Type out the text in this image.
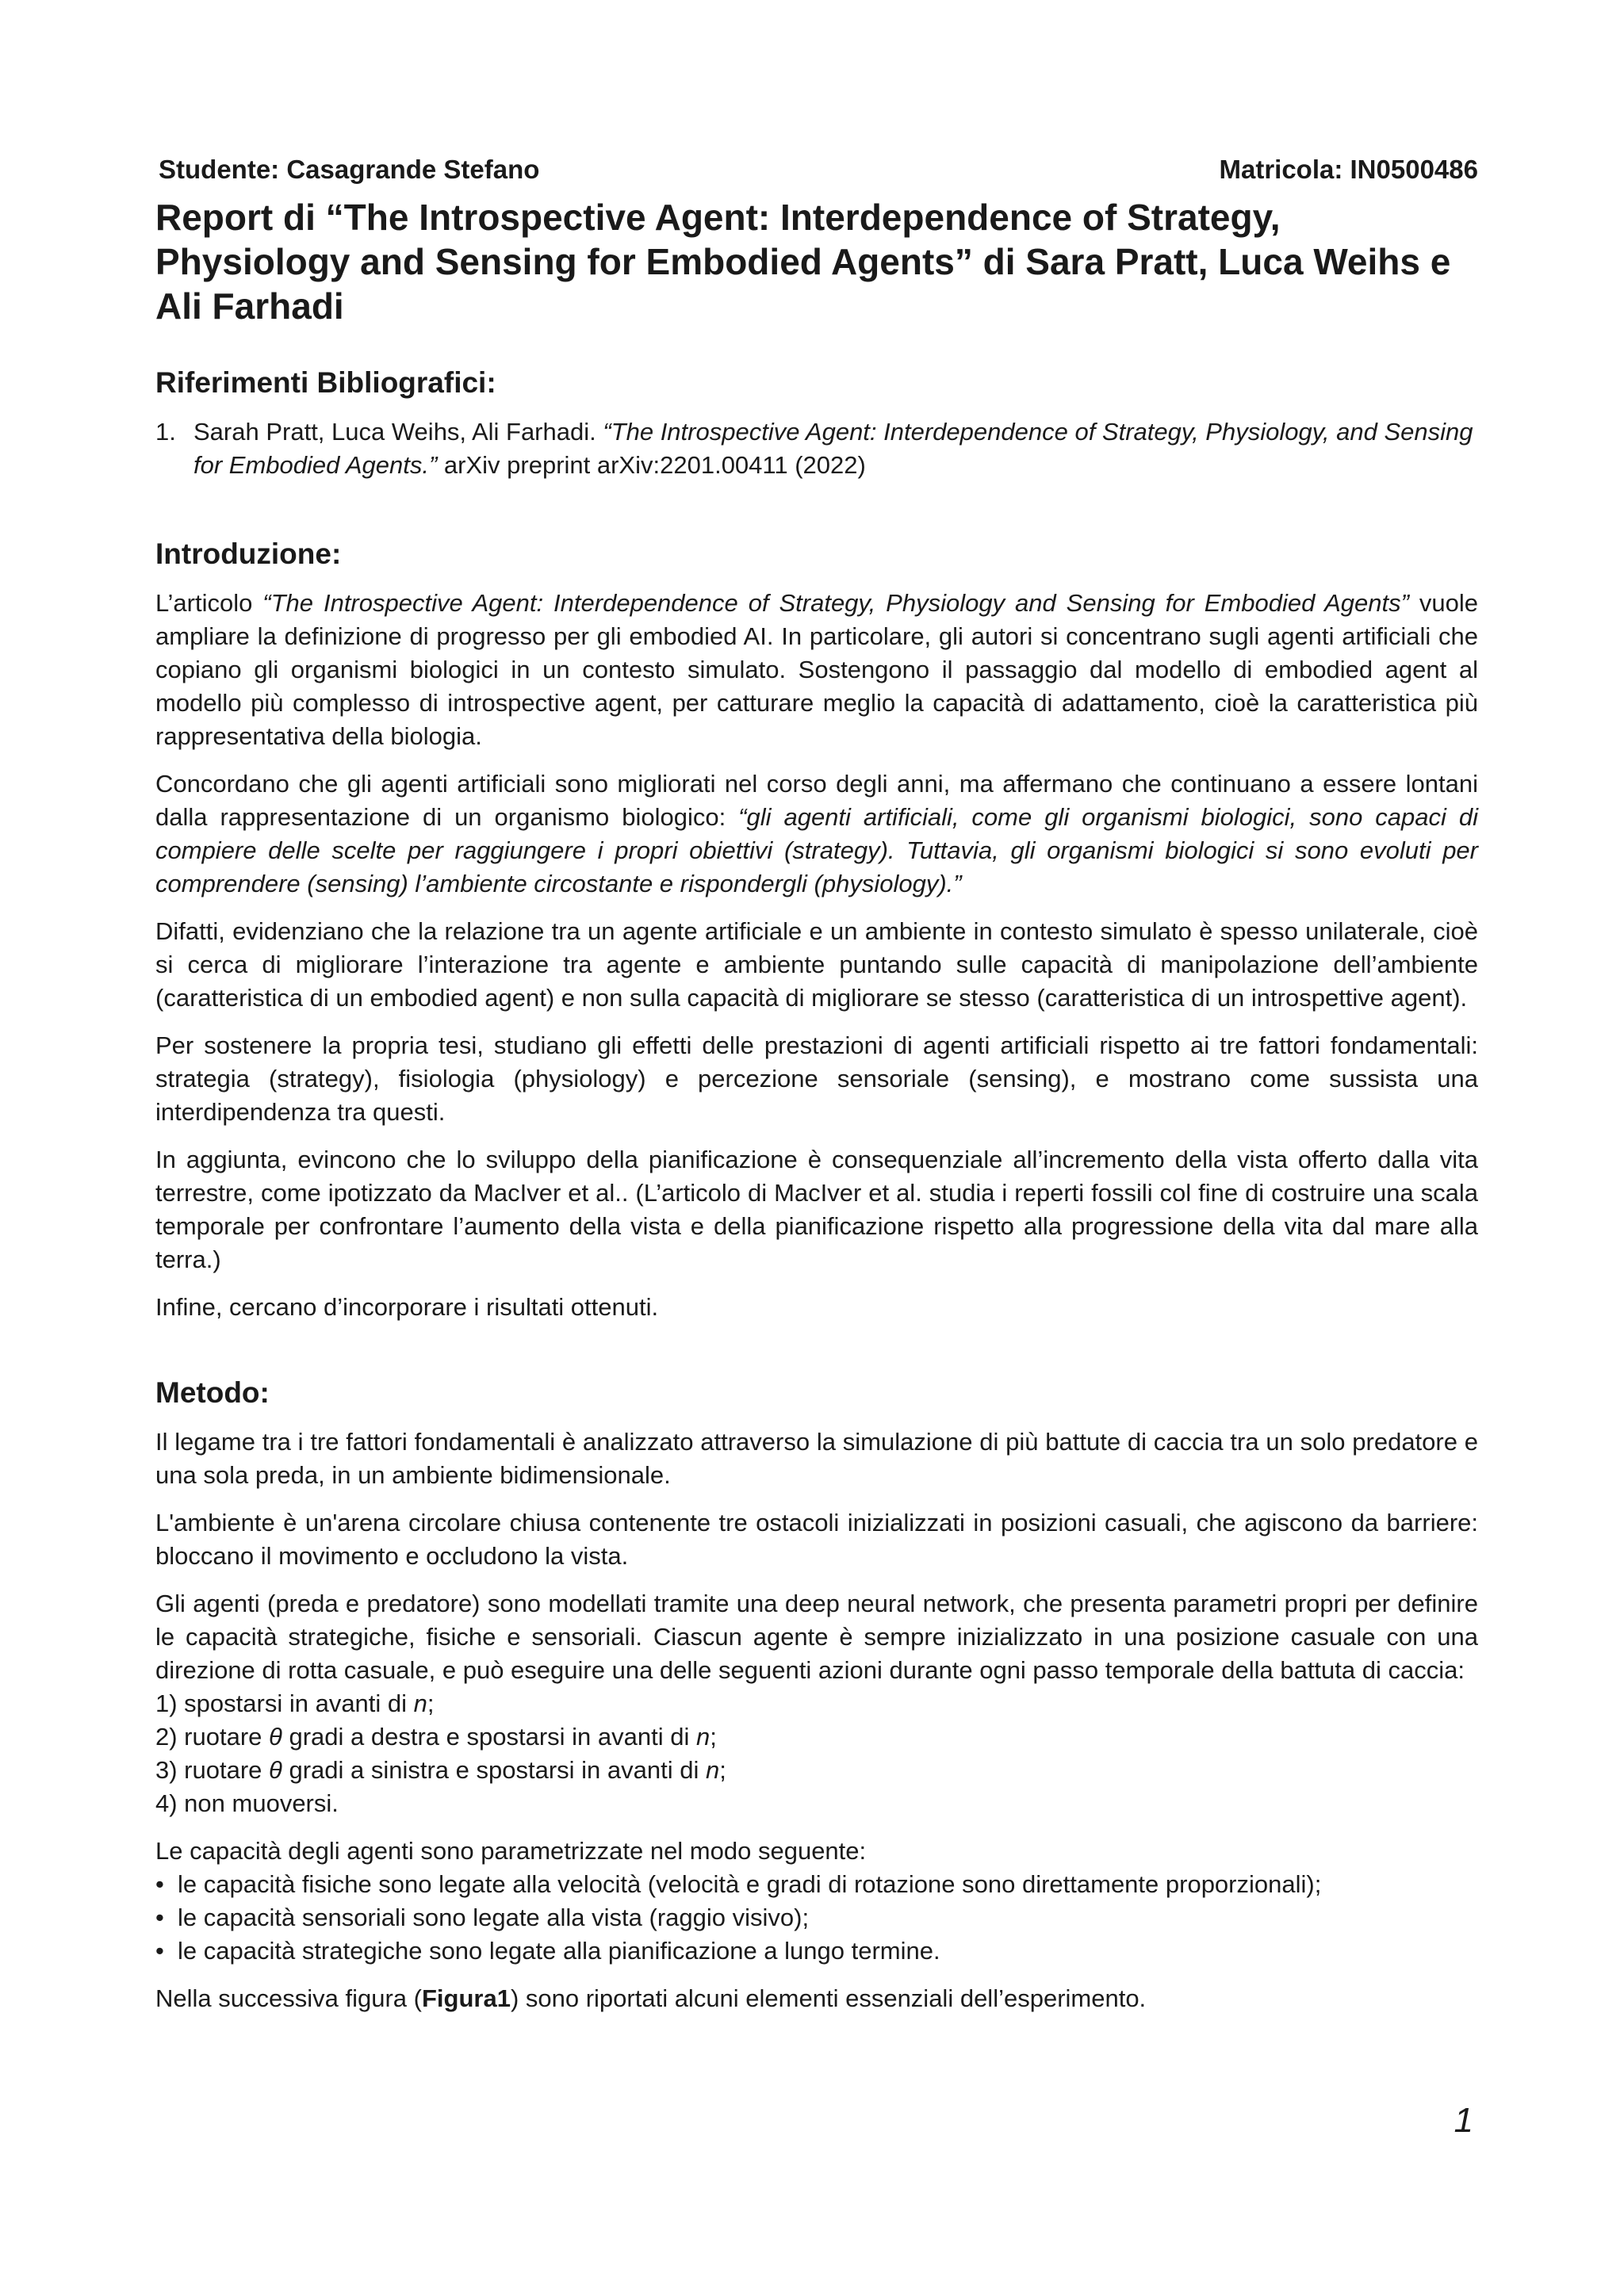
Studente: Casagrande Stefano	Matricola: IN0500486
Report di “The Introspective Agent: Interdependence of Strategy, Physiology and Sensing for Embodied Agents” di Sara Pratt, Luca Weihs e Ali Farhadi
Riferimenti Bibliografici:
1. Sarah Pratt, Luca Weihs, Ali Farhadi. “The Introspective Agent: Interdependence of Strategy, Physiology, and Sensing for Embodied Agents.” arXiv preprint arXiv:2201.00411 (2022)
Introduzione:

L’articolo “The Introspective Agent: Interdependence of Strategy, Physiology and Sensing for Embodied Agents” vuole ampliare la definizione di progresso per gli embodied AI. In particolare, gli autori si concentrano sugli agenti artificiali che copiano gli organismi biologici in un contesto simulato. Sostengono il passaggio dal modello di embodied agent al modello più complesso di introspective agent, per catturare meglio la capacità di adattamento, cioè la caratteristica più rappresentativa della biologia.

Concordano che gli agenti artificiali sono migliorati nel corso degli anni, ma affermano che continuano a essere lontani dalla rappresentazione di un organismo biologico: “gli agenti artificiali, come gli organismi biologici, sono capaci di compiere delle scelte per raggiungere i propri obiettivi (strategy). Tuttavia, gli organismi biologici si sono evoluti per comprendere (sensing) l’ambiente circostante e rispondergli (physiology).”

Difatti, evidenziano che la relazione tra un agente artificiale e un ambiente in contesto simulato è spesso unilaterale, cioè si cerca di migliorare l’interazione tra agente e ambiente puntando sulle capacità di manipolazione dell’ambiente (caratteristica di un embodied agent) e non sulla capacità di migliorare se stesso (caratteristica di un introspettive agent).

Per sostenere la propria tesi, studiano gli effetti delle prestazioni di agenti artificiali rispetto ai tre fattori fondamentali: strategia (strategy), fisiologia (physiology) e percezione sensoriale (sensing), e mostrano come sussista una interdipendenza tra questi.

In aggiunta, evincono che lo sviluppo della pianificazione è consequenziale all’incremento della vista offerto dalla vita terrestre, come ipotizzato da MacIver et al.. (L’articolo di MacIver et al. studia i reperti fossili col fine di costruire una scala temporale per confrontare l’aumento della vista e della pianificazione rispetto alla progressione della vita dal mare alla terra.)

Infine, cercano d’incorporare i risultati ottenuti.

Metodo:

Il legame tra i tre fattori fondamentali è analizzato attraverso la simulazione di più battute di caccia tra un solo predatore e una sola preda, in un ambiente bidimensionale.

L'ambiente è un'arena circolare chiusa contenente tre ostacoli inizializzati in posizioni casuali, che agiscono da barriere: bloccano il movimento e occludono la vista.

Gli agenti (preda e predatore) sono modellati tramite una deep neural network, che presenta parametri propri per definire le capacità strategiche, fisiche e sensoriali. Ciascun agente è sempre inizializzato in una posizione casuale con una direzione di rotta casuale, e può eseguire una delle seguenti azioni durante ogni passo temporale della battuta di caccia:

1) spostarsi in avanti di n;
2) ruotare θ gradi a destra e spostarsi in avanti di n;
3) ruotare θ gradi a sinistra e spostarsi in avanti di n;
4) non muoversi.
Le capacità degli agenti sono parametrizzate nel modo seguente:
• le capacità fisiche sono legate alla velocità (velocità e gradi di rotazione sono direttamente proporzionali);
• le capacità sensoriali sono legate alla vista (raggio visivo);
• le capacità strategiche sono legate alla pianificazione a lungo termine.

Nella successiva figura (Figura1) sono riportati alcuni elementi essenziali dell’esperimento.

1
